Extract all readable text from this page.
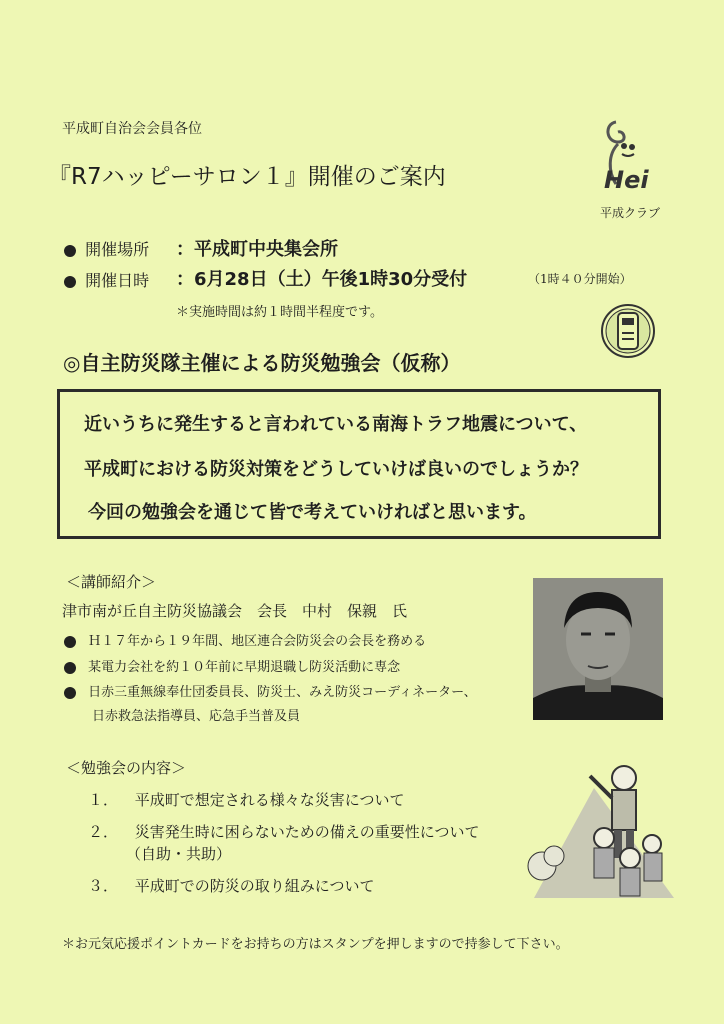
平成町自治会会員各位
『R7ハッピーサロン１』開催のご案内	Hei
平成クラブ
開催場所 ：平成町中央集会所
開催日時 ：6月28日（土）午後1時30分受付	（1時４０分開始）
＊実施時間は約１時間半程度です。
◎自主防災隊主催による防災勉強会（仮称）
近いうちに発生すると言われている南海トラフ地震について、
平成町における防災対策をどうしていけば良いのでしょうか？
今回の勉強会を通じて皆で考えていければと思います。
＜講師紹介＞
津市南が丘自主防災協議会　会長　中村　保親　氏
Ｈ１７年から１９年間、地区連合会防災会の会長を務める
某電力会社を約１０年前に早期退職し防災活動に専念
日赤三重無線奉仕団委員長、防災士、みえ防災コーディネーター、
日赤救急法指導員、応急手当普及員
＜勉強会の内容＞
１． 平成町で想定される様々な災害について
２． 災害発生時に困らないための備えの重要性について
（自助・共助）
３． 平成町での防災の取り組みについて
＊お元気応援ポイントカードをお持ちの方はスタンプを押しますので持参して下さい。
